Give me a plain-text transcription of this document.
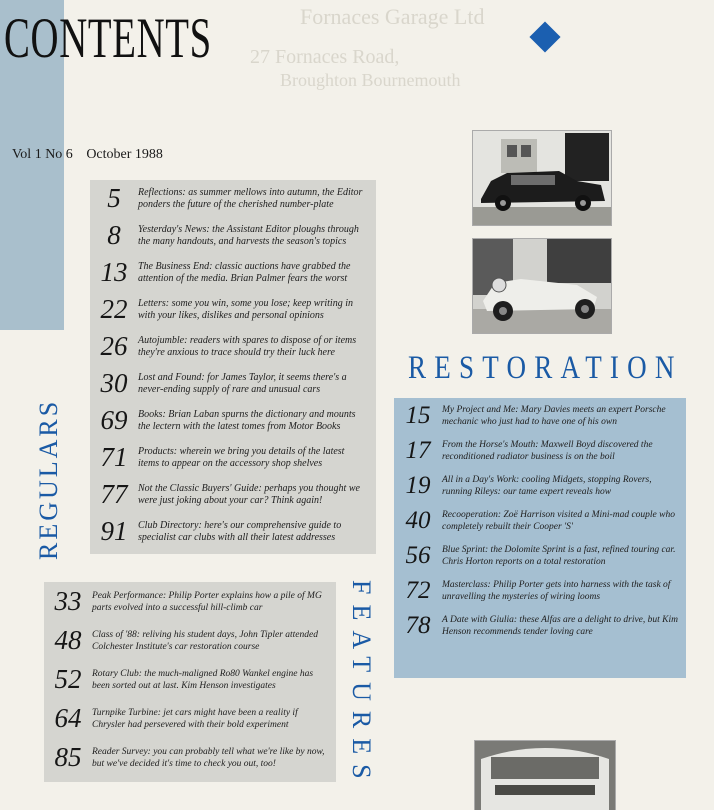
Fornaces Garage Ltd
27 Fornaces Road,
Broughton Bournemouth
CONTENTS
Vol 1 No 6 October 1988
5	Reflections: as summer mellows into autumn, the Editor ponders the future of the cherished number-plate
8	Yesterday's News: the Assistant Editor ploughs through the many handouts, and harvests the season's topics
13	The Business End: classic auctions have grabbed the attention of the media. Brian Palmer fears the worst
22	Letters: some you win, some you lose; keep writing in with your likes, dislikes and personal opinions
26	Autojumble: readers with spares to dispose of or items they're anxious to trace should try their luck here
30	Lost and Found: for James Taylor, it seems there's a never-ending supply of rare and unusual cars
69	Books: Brian Laban spurns the dictionary and mounts the lectern with the latest tomes from Motor Books
71	Products: wherein we bring you details of the latest items to appear on the accessory shop shelves
77	Not the Classic Buyers' Guide: perhaps you thought we were just joking about your car? Think again!
91	Club Directory: here's our comprehensive guide to specialist car clubs with all their latest addresses
REGULARS
33	Peak Performance: Philip Porter explains how a pile of MG parts evolved into a successful hill-climb car
48	Class of '88: reliving his student days, John Tipler attended Colchester Institute's car restoration course
52	Rotary Club: the much-maligned Ro80 Wankel engine has been sorted out at last. Kim Henson investigates
64	Turnpike Turbine: jet cars might have been a reality if Chrysler had persevered with their bold experiment
85	Reader Survey: you can probably tell what we're like by now, but we've decided it's time to check you out, too!	FEATURES
RESTORATION
15	My Project and Me: Mary Davies meets an expert Porsche mechanic who just had to have one of his own
17	From the Horse's Mouth: Maxwell Boyd discovered the reconditioned radiator business is on the boil
19	All in a Day's Work: cooling Midgets, stopping Rovers, running Rileys: our tame expert reveals how
40	Recooperation: Zoë Harrison visited a Mini-mad couple who completely rebuilt their Cooper 'S'
56	Blue Sprint: the Dolomite Sprint is a fast, refined touring car. Chris Horton reports on a total restoration
72	Masterclass: Philip Porter gets into harness with the task of unravelling the mysteries of wiring looms
78	A Date with Giulia: these Alfas are a delight to drive, but Kim Henson recommends tender loving care
